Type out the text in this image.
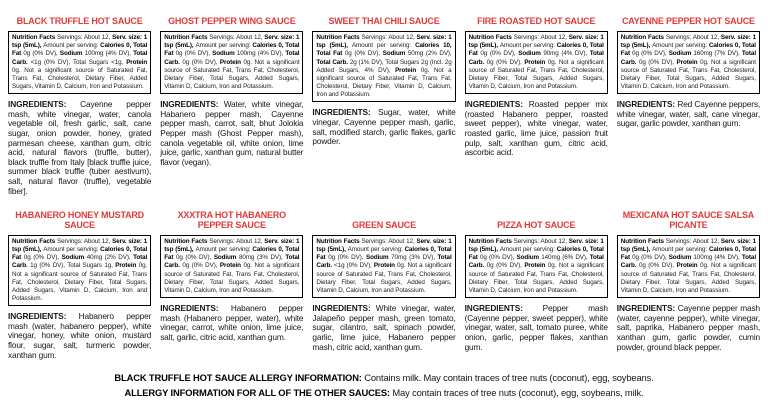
BLACK TRUFFLE HOT SAUCE
Nutrition Facts Servings: About 12, Serv. size: 1 tsp (5mL), Amount per serving: Calories 0, Total Fat 0g (0% DV), Sodium 100mg (4% DV), Total Carb. <1g (0% DV), Total Sugars <1g, Protein 0g. Not a significant source of Saturated Fat, Trans Fat, Cholesterol, Dietary Fiber, Added Sugars, Vitamin D, Calcium, Iron and Potassium.

INGREDIENTS: Cayenne pepper mash, white vinegar, water, canola vegetable oil, fresh garlic, salt, cane sugar, onion powder, honey, grated parmesan cheese, xanthan gum, citric acid, natural flavors (truffle, butter), black truffle from Italy [black truffle juice, summer black truffle (tuber aestivum), salt, natural flavor (truffle), vegetable fiber].

GHOST PEPPER WING SAUCE
Nutrition Facts Servings: About 12, Serv. size: 1 tsp (5mL), Amount per serving: Calories 0, Total Fat 0g (0% DV), Sodium 100mg (4% DV), Total Carb. 0g (0% DV), Protein 0g. Not a significant source of Saturated Fat, Trans Fat, Cholesterol, Dietary Fiber, Total Sugars, Added Sugars, Vitamin D, Calcium, Iron and Potassium.

INGREDIENTS: Water, white vinegar, Habanero pepper mash, Cayenne pepper mash, carrot, salt, bhut Jolokia Pepper mash (Ghost Pepper mash), canola vegetable oil, white onion, lime juice, garlic, xanthan gum, natural butter flavor (vegan).

SWEET THAI CHILI SAUCE
Nutrition Facts Servings: About 12, Serv. size: 1 tsp (5mL), Amount per serving: Calories 10, Total Fat 0g (0% DV), Sodium 50mg (2% DV), Total Carb. 2g (1% DV), Total Sugars 2g (Incl. 2g Added Sugars, 4% DV), Protein 0g. Not a significant source of Saturated Fat, Trans Fat, Cholesterol, Dietary Fiber, Vitamin D, Calcium, Iron and Potassium.

INGREDIENTS: Sugar, water, white vinegar, Cayenne pepper mash, garlic, salt, modified starch, garlic flakes, garlic powder.

FIRE ROASTED HOT SAUCE
Nutrition Facts Servings: About 12, Serv. size: 1 tsp (5mL), Amount per serving: Calories 0, Total Fat 0g (0% DV), Sodium 90mg (4% DV), Total Carb. 0g (0% DV), Protein 0g. Not a significant source of Saturated Fat, Trans Fat, Cholesterol, Dietary Fiber, Total Sugars, Added Sugars, Vitamin D, Calcium, Iron and Potassium.

INGREDIENTS: Roasted pepper mix (roasted Habanero pepper, roasted sweet pepper), white vinegar, water, roasted garlic, lime juice, passion fruit pulp, salt, xanthan gum, citric acid, ascorbic acid.

CAYENNE PEPPER HOT SAUCE
Nutrition Facts Servings: About 12, Serv. size: 1 tsp (5mL), Amount per serving: Calories 0, Total Fat 0g (0% DV), Sodium 160mg (7% DV), Total Carb. 0g (0% DV), Protein 0g. Not a significant source of Saturated Fat, Trans Fat, Cholesterol, Dietary Fiber, Total Sugars, Added Sugars, Vitamin D, Calcium, Iron and Potassium.

INGREDIENTS: Red Cayenne peppers, white vinegar, water, salt, cane vinegar, sugar, garlic powder, xanthan gum.

HABANERO HONEY MUSTARD SAUCE
Nutrition Facts Servings: About 12, Serv. size: 1 tsp (5mL), Amount per serving: Calories 0, Total Fat 0g (0% DV), Sodium 40mg (2% DV), Total Carb. 1g (0% DV), Total Sugars 1g, Protein 0g. Not a significant source of Saturated Fat, Trans Fat, Cholesterol, Dietary Fiber, Total Sugars, Added Sugars, Vitamin D, Calcium, Iron and Potassium.

INGREDIENTS: Habanero pepper mash (water, habanero pepper), white vinegar, honey, white onion, mustard flour, sugar, salt, turmeric powder, xanthan gum.

XXXTRA HOT HABANERO PEPPER SAUCE
Nutrition Facts Servings: About 12, Serv. size: 1 tsp (5mL), Amount per serving: Calories 0, Total Fat 0g (0% DV), Sodium 80mg (3% DV), Total Carb. 0g (0% DV), Protein 0g. Not a significant source of Saturated Fat, Trans Fat, Cholesterol, Dietary Fiber, Total Sugars, Added Sugars, Vitamin D, Calcium, Iron and Potassium.

INGREDIENTS: Habanero pepper mash (Habanero pepper, water), white vinegar, carrot, white onion, lime juice, salt, garlic, citric acid, xanthan gum.

GREEN SAUCE
Nutrition Facts Servings: About 12, Serv. size: 1 tsp (5mL), Amount per serving: Calories 0, Total Fat 0g (0% DV), Sodium 70mg (3% DV), Total Carb. <1g (0% DV), Protein 0g. Not a significant source of Saturated Fat, Trans Fat, Cholesterol, Dietary Fiber, Total Sugars, Added Sugars, Vitamin D, Calcium, Iron and Potassium.

INGREDIENTS: White vinegar, water, Jalapeño pepper mash, green tomato, sugar, cilantro, salt, spinach powder, garlic, lime juice, Habanero pepper mash, citric acid, xanthan gum.

PIZZA HOT SAUCE
Nutrition Facts Servings: About 12, Serv. size: 1 tsp (5mL), Amount per serving: Calories 0, Total Fat 0g (0% DV), Sodium 140mg (6% DV), Total Carb. 0g (0% DV), Protein 0g. Not a significant source of Saturated Fat, Trans Fat, Cholesterol, Dietary Fiber, Total Sugars, Added Sugars, Vitamin D, Calcium, Iron and Potassium.

INGREDIENTS: Pepper mash (Cayenne pepper, sweet pepper), white vinegar, water, salt, tomato puree, white onion, garlic, pepper flakes, xanthan gum.

MEXICANA HOT SAUCE SALSA PICANTE
Nutrition Facts Servings: About 12, Serv. size: 1 tsp (5mL), Amount per serving: Calories 0, Total Fat 0g (0% DV), Sodium 100mg (4% DV), Total Carb. 0g (0% DV), Protein 0g. Not a significant source of Saturated Fat, Trans Fat, Cholesterol, Dietary Fiber, Total Sugars, Added Sugars, Vitamin D, Calcium, Iron and Potassium.

INGREDIENTS: Cayenne pepper mash (water, cayenne pepper), white vinegar, salt, paprika, Habanero pepper mash, xanthan gum, garlic powder, cumin powder, ground black pepper.

BLACK TRUFFLE HOT SAUCE ALLERGY INFORMATION: Contains milk. May contain traces of tree nuts (coconut), egg, soybeans.
ALLERGY INFORMATION FOR ALL OF THE OTHER SAUCES: May contain traces of tree nuts (coconut), egg, soybeans, milk.
